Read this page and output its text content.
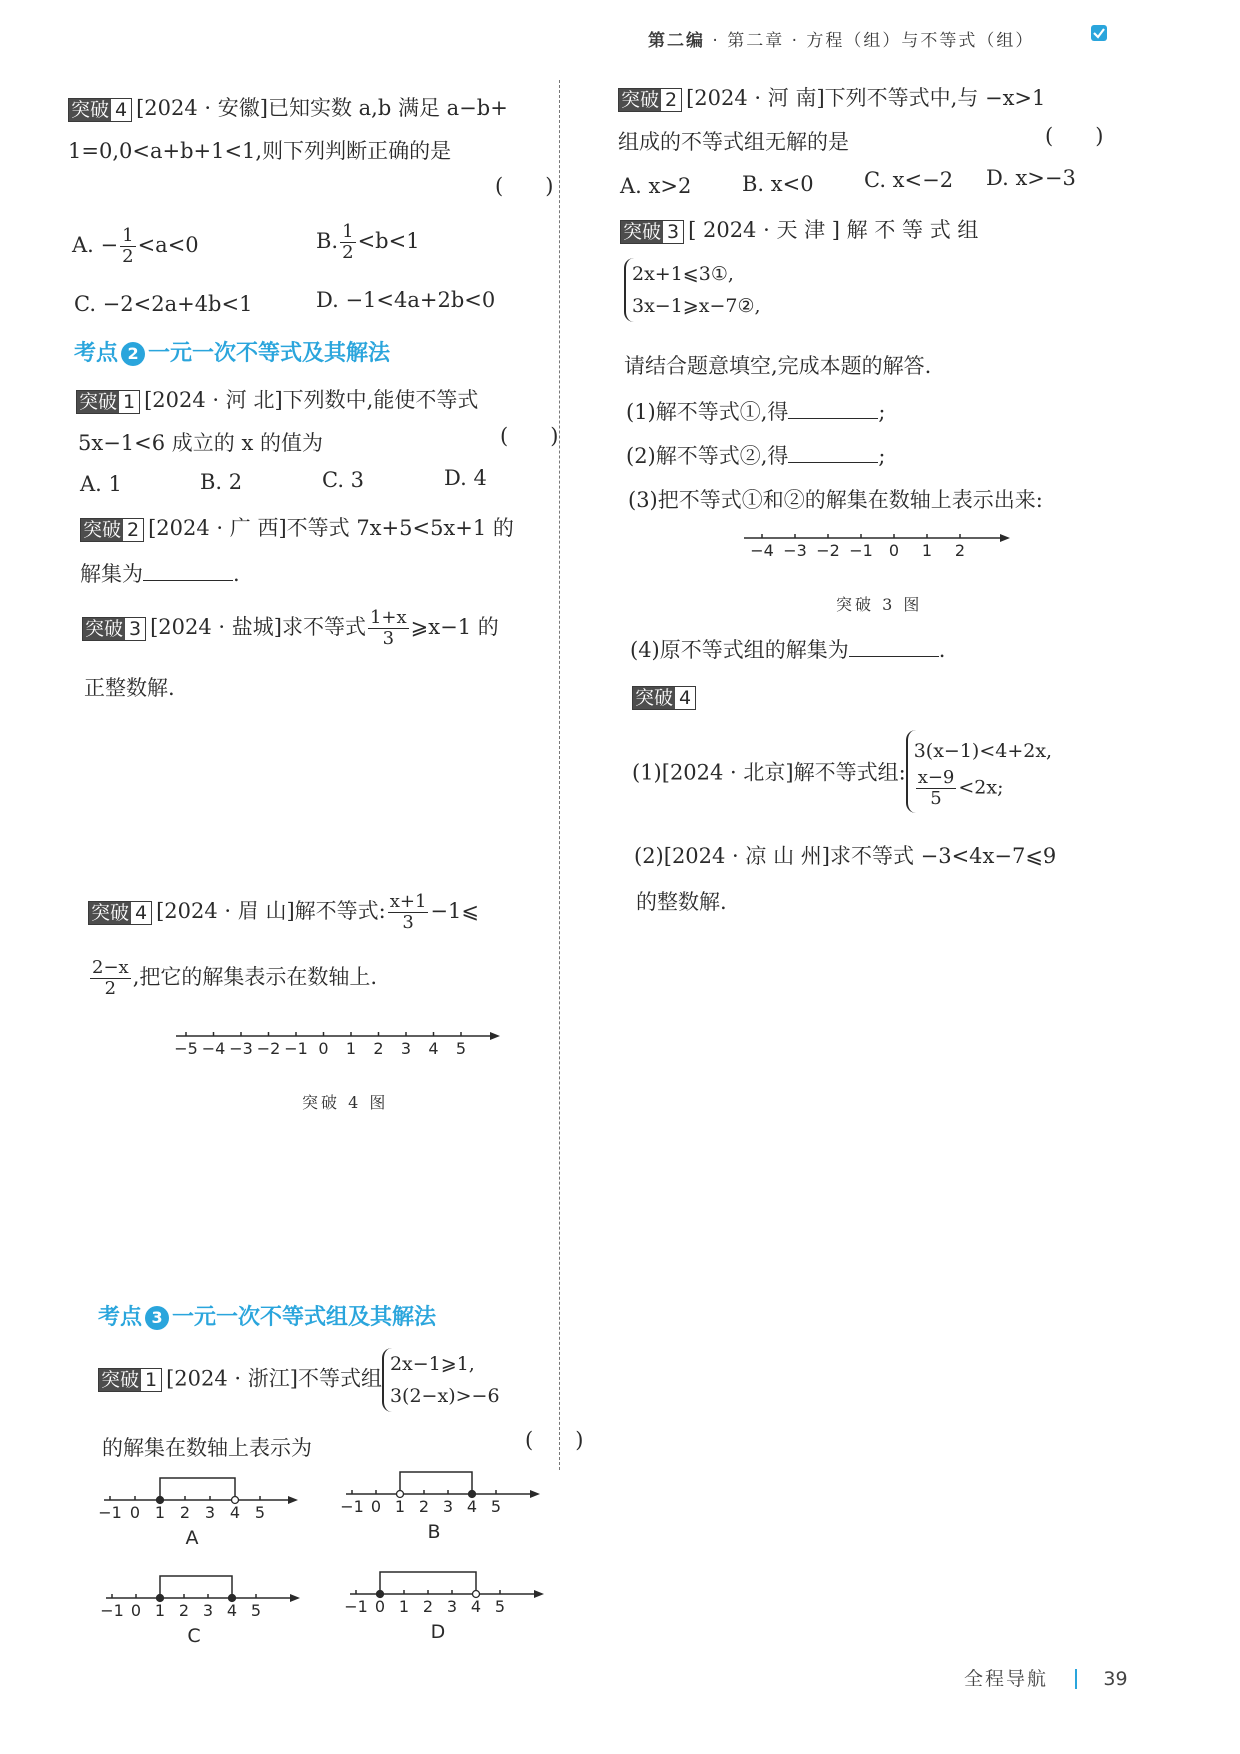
第二编 · 第二章 · 方程（组）与不等式（组）
突破 4 [2024 · 安徽]已知实数 a,b 满足 a−b+
1=0,0<a+b+1<1,则下列判断正确的是
(　　)
A. − $\frac{1}{2} <a<0$	B. $\frac{1}{2} <b<1$
C. −2<2a+4b<1	D. −1<4a+2b<0
考点 2 一元一次不等式及其解法
突破 1 [2024 · 河 北]下列数中,能使不等式
5x−1<6 成立的 x 的值为	(　　)
A. 1	B. 2	C. 3	D. 4
突破 2 [2024 · 广 西]不等式 7x+5<5x+1 的
解集为	.
突破 3 [2024 · 盐城]求不等式 $\frac{1+x}{3}$ ⩾x−1 的
正整数解.
突破 4 [2024 · 眉 山]解不等式: $\frac{x+1}{3}$ −1⩽
$\frac{2-x}{2}$ ,把它的解集表示在数轴上.
−5 −4 −3 −2 −1 0 1 2 3 4 5
突破 4 图
考点 3 一元一次不等式组及其解法
突破 1 [2024 · 浙江]不等式组2x−1⩾1,
3(2−x)>−6
的解集在数轴上表示为	(　　)
−1 0 1 2 3 4 5
A
−1 0 1 2 3 4 5
B
−1 0 1 2 3 4 5
C
−1 0 1 2 3 4 5
D
突破 2 [2024 · 河 南]下列不等式中,与 −x>1
组成的不等式组无解的是	(　　)
A. x>2 B. x<0 C. x<−2 D. x>−3
突破 3 [ 2024 · 天 津 ] 解 不 等 式 组
2x+1⩽3①,
3x−1⩾x−7②,
请结合题意填空,完成本题的解答.
(1)解不等式①,得	;
(2)解不等式②,得	;
(3)把不等式①和②的解集在数轴上表示出来:
−4 −3 −2 −1 0 1 2
突破 3 图
(4)原不等式组的解集为	.
突破 4
(1)[2024 · 北京]解不等式组:
3(x−1)<4+2x,
$\frac{x-9}{5} <2x$;
(2)[2024 · 凉 山 州]求不等式 −3<4x−7⩽9
的整数解.
全程导航	39
